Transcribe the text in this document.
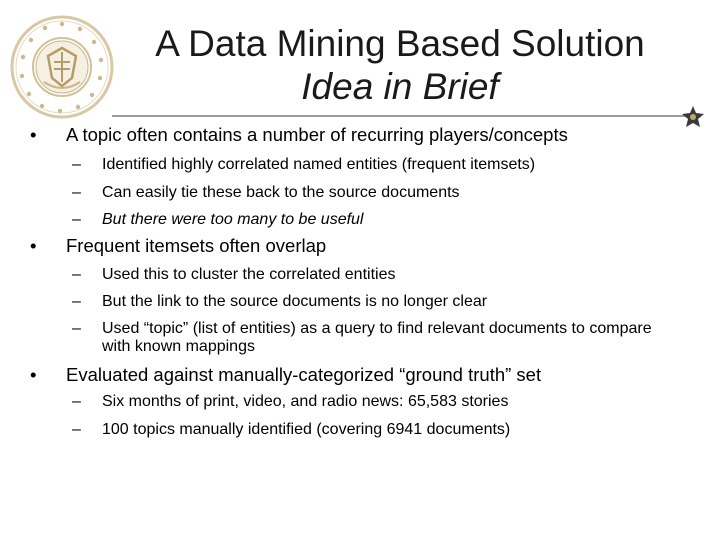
A Data Mining Based Solution
Idea in Brief
• A topic often contains a number of recurring players/concepts
– Identified highly correlated named entities (frequent itemsets)
– Can easily tie these back to the source documents
– But there were too many to be useful
• Frequent itemsets often overlap
– Used this to cluster the correlated entities
– But the link to the source documents is no longer clear
– Used “topic” (list of entities) as a query to find relevant documents to compare with known mappings
• Evaluated against manually-categorized “ground truth” set
– Six months of print, video, and radio news: 65,583 stories
– 100 topics manually identified (covering 6941 documents)
